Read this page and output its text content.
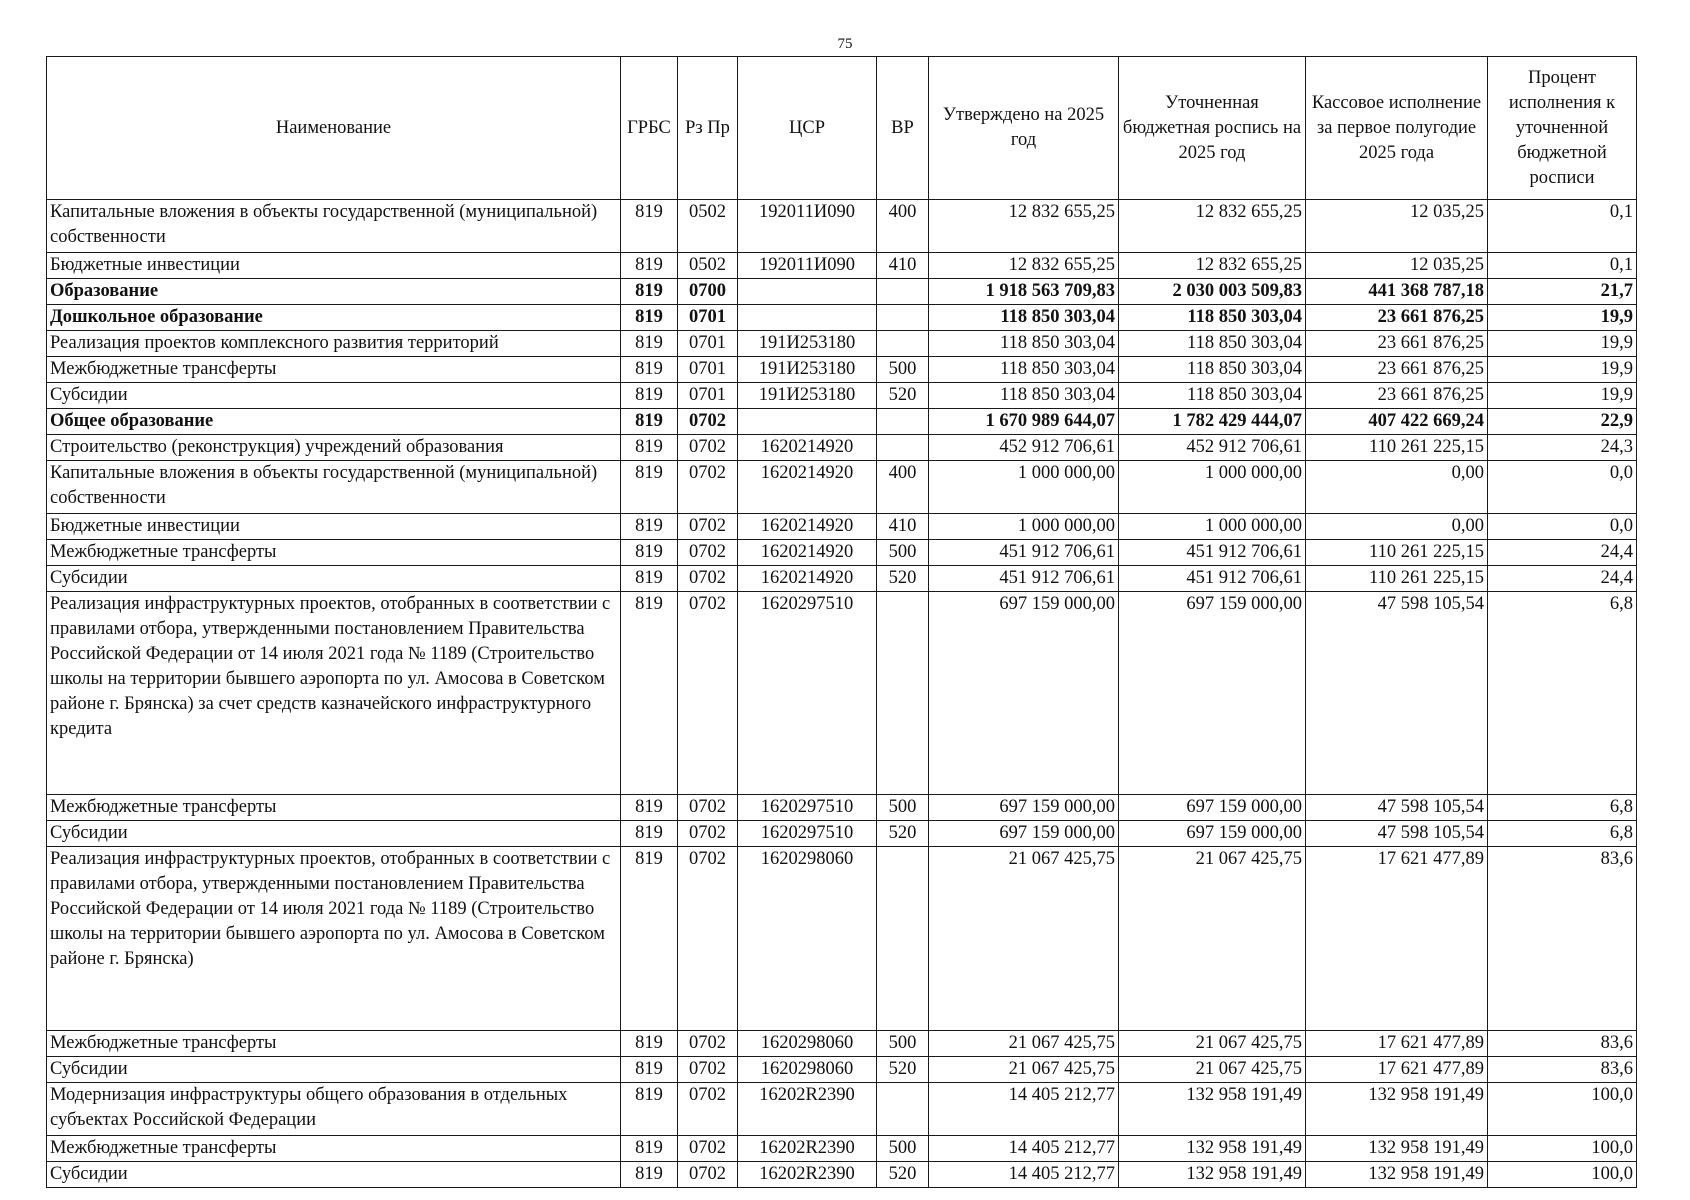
75
Наименование	ГРБС	Рз Пр	ЦСР	ВР	Утверждено на 2025 год	Уточненная бюджетная роспись на 2025 год	Кассовое исполнение за первое полугодие 2025 года	Процент исполнения к уточненной бюджетной росписи
Капитальные вложения в объекты государственной (муниципальной) собственности	819	0502	192011И090	400	12 832 655,25	12 832 655,25	12 035,25	0,1
Бюджетные инвестиции	819	0502	192011И090	410	12 832 655,25	12 832 655,25	12 035,25	0,1
Образование	819	0700			1 918 563 709,83	2 030 003 509,83	441 368 787,18	21,7
Дошкольное образование	819	0701			118 850 303,04	118 850 303,04	23 661 876,25	19,9
Реализация проектов комплексного развития территорий	819	0701	191И253180		118 850 303,04	118 850 303,04	23 661 876,25	19,9
Межбюджетные трансферты	819	0701	191И253180	500	118 850 303,04	118 850 303,04	23 661 876,25	19,9
Субсидии	819	0701	191И253180	520	118 850 303,04	118 850 303,04	23 661 876,25	19,9
Общее образование	819	0702			1 670 989 644,07	1 782 429 444,07	407 422 669,24	22,9
Строительство (реконструкция) учреждений образования	819	0702	1620214920		452 912 706,61	452 912 706,61	110 261 225,15	24,3
Капитальные вложения в объекты государственной (муниципальной) собственности	819	0702	1620214920	400	1 000 000,00	1 000 000,00	0,00	0,0
Бюджетные инвестиции	819	0702	1620214920	410	1 000 000,00	1 000 000,00	0,00	0,0
Межбюджетные трансферты	819	0702	1620214920	500	451 912 706,61	451 912 706,61	110 261 225,15	24,4
Субсидии	819	0702	1620214920	520	451 912 706,61	451 912 706,61	110 261 225,15	24,4
Реализация инфраструктурных проектов, отобранных в соответствии с правилами отбора, утвержденными постановлением Правительства Российской Федерации от 14 июля 2021 года № 1189 (Строительство школы на территории бывшего аэропорта по ул. Амосова в Советском районе г. Брянска) за счет средств казначейского инфраструктурного кредита	819	0702	1620297510		697 159 000,00	697 159 000,00	47 598 105,54	6,8
Межбюджетные трансферты	819	0702	1620297510	500	697 159 000,00	697 159 000,00	47 598 105,54	6,8
Субсидии	819	0702	1620297510	520	697 159 000,00	697 159 000,00	47 598 105,54	6,8
Реализация инфраструктурных проектов, отобранных в соответствии с правилами отбора, утвержденными постановлением Правительства Российской Федерации от 14 июля 2021 года № 1189 (Строительство школы на территории бывшего аэропорта по ул. Амосова в Советском районе г. Брянска)	819	0702	1620298060		21 067 425,75	21 067 425,75	17 621 477,89	83,6
Межбюджетные трансферты	819	0702	1620298060	500	21 067 425,75	21 067 425,75	17 621 477,89	83,6
Субсидии	819	0702	1620298060	520	21 067 425,75	21 067 425,75	17 621 477,89	83,6
Модернизация инфраструктуры общего образования в отдельных субъектах Российской Федерации	819	0702	16202R2390		14 405 212,77	132 958 191,49	132 958 191,49	100,0
Межбюджетные трансферты	819	0702	16202R2390	500	14 405 212,77	132 958 191,49	132 958 191,49	100,0
Субсидии	819	0702	16202R2390	520	14 405 212,77	132 958 191,49	132 958 191,49	100,0
